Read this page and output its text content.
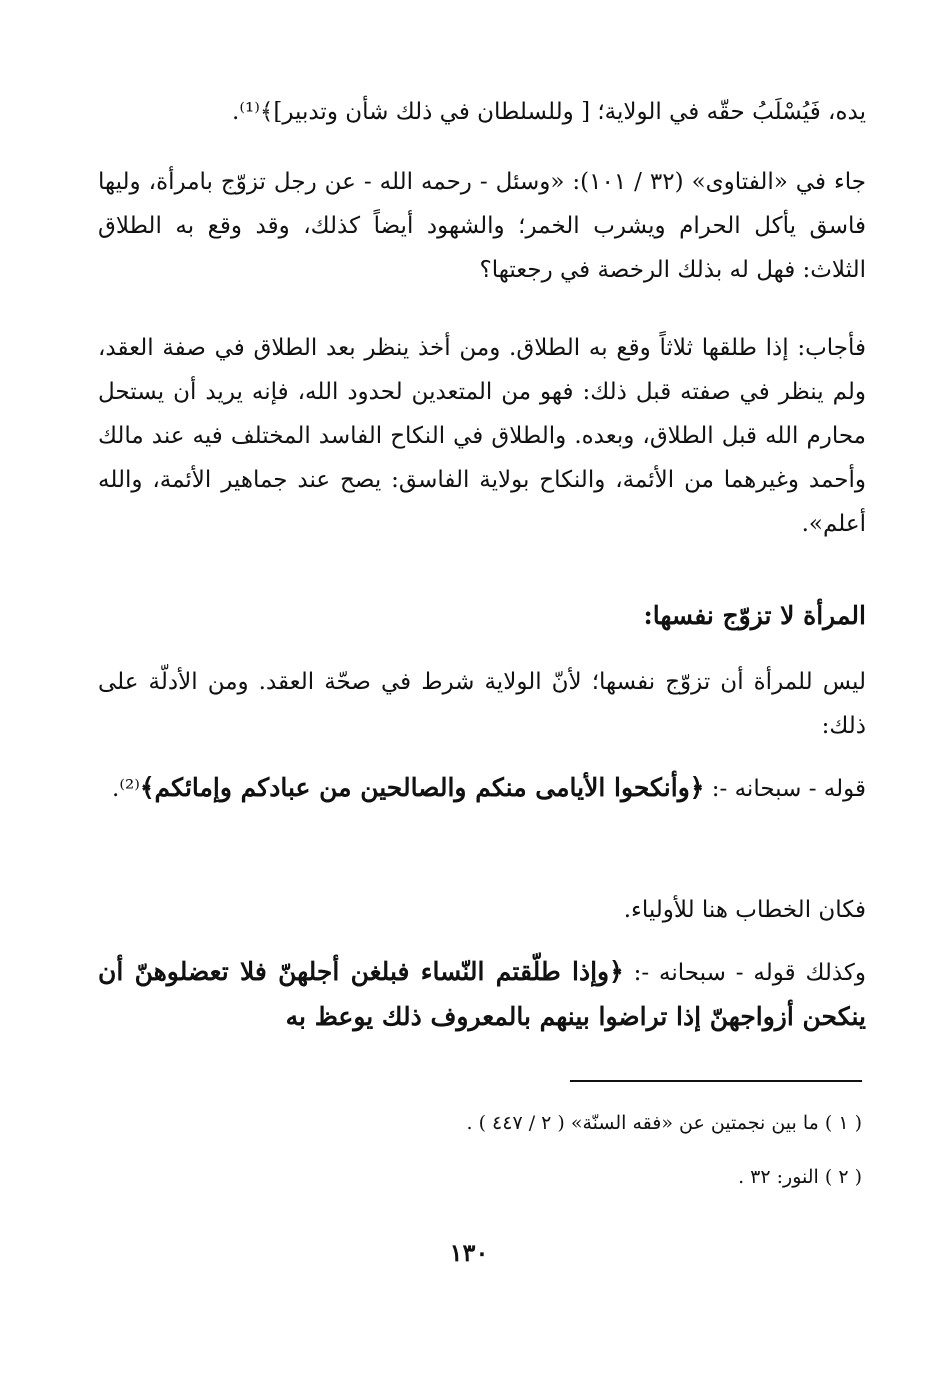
يده، فَيُسْلَبُ حقّه في الولاية؛ [ وللسلطان في ذلك شأن وتدبير]﴾⁽¹⁾.

جاء في «الفتاوى» (٣٢ / ١٠١): «وسئل - رحمه الله - عن رجل تزوّج بامرأة، وليها فاسق يأكل الحرام ويشرب الخمر؛ والشهود أيضاً كذلك، وقد وقع به الطلاق الثلاث: فهل له بذلك الرخصة في رجعتها؟

فأجاب: إذا طلقها ثلاثاً وقع به الطلاق. ومن أخذ ينظر بعد الطلاق في صفة العقد، ولم ينظر في صفته قبل ذلك: فهو من المتعدين لحدود الله، فإنه يريد أن يستحل محارم الله قبل الطلاق، وبعده. والطلاق في النكاح الفاسد المختلف فيه عند مالك وأحمد وغيرهما من الأئمة، والنكاح بولاية الفاسق: يصح عند جماهير الأئمة، والله أعلم».

المرأة لا تزوّج نفسها:

ليس للمرأة أن تزوّج نفسها؛ لأنّ الولاية شرط في صحّة العقد. ومن الأدلّة على ذلك:

قوله - سبحانه -: ﴿وأنكحوا الأيامى منكم والصالحين من عبادكم وإمائكم﴾⁽²⁾.

فكان الخطاب هنا للأولياء.

وكذلك قوله - سبحانه -: ﴿وإذا طلّقتم النّساء فبلغن أجلهنّ فلا تعضلوهنّ أن ينكحن أزواجهنّ إذا تراضوا بينهم بالمعروف ذلك يوعظ به

( ١ ) ما بين نجمتين عن «فقه السنّة» ( ٢ / ٤٤٧ ) .
( ٢ ) النور: ٣٢ .
١٣٠
